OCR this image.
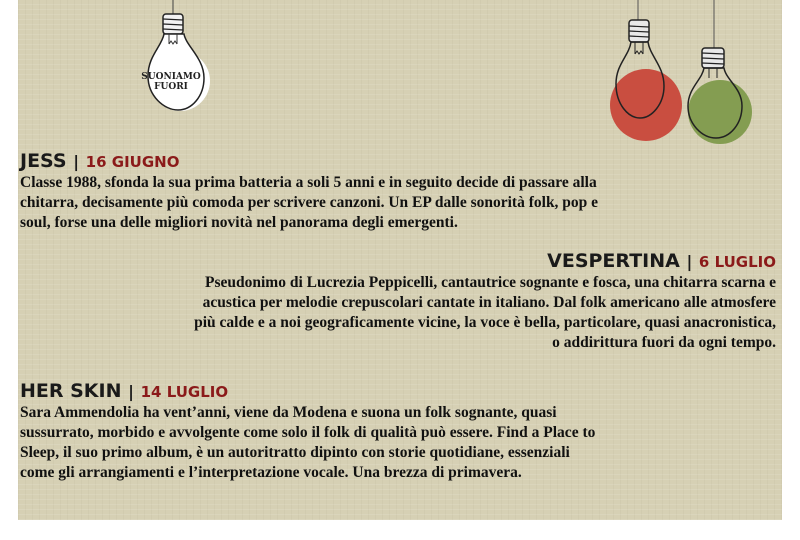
SUONIAMO
FUORI
JESS | 16 GIUGNO

Classe 1988, sfonda la sua prima batteria a soli 5 anni e in seguito decide di passare alla
chitarra, decisamente più comoda per scrivere canzoni. Un EP dalle sonorità folk, pop e
soul, forse una delle migliori novità nel panorama degli emergenti.

VESPERTINA | 6 LUGLIO

Pseudonimo di Lucrezia Peppicelli, cantautrice sognante e fosca, una chitarra scarna e
acustica per melodie crepuscolari cantate in italiano. Dal folk americano alle atmosfere
più calde e a noi geograficamente vicine, la voce è bella, particolare, quasi anacronistica,
o addirittura fuori da ogni tempo.

HER SKIN | 14 LUGLIO

Sara Ammendolia ha vent’anni, viene da Modena e suona un folk sognante, quasi
sussurrato, morbido e avvolgente come solo il folk di qualità può essere. Find a Place to
Sleep, il suo primo album, è un autoritratto dipinto con storie quotidiane, essenziali
come gli arrangiamenti e l’interpretazione vocale. Una brezza di primavera.
